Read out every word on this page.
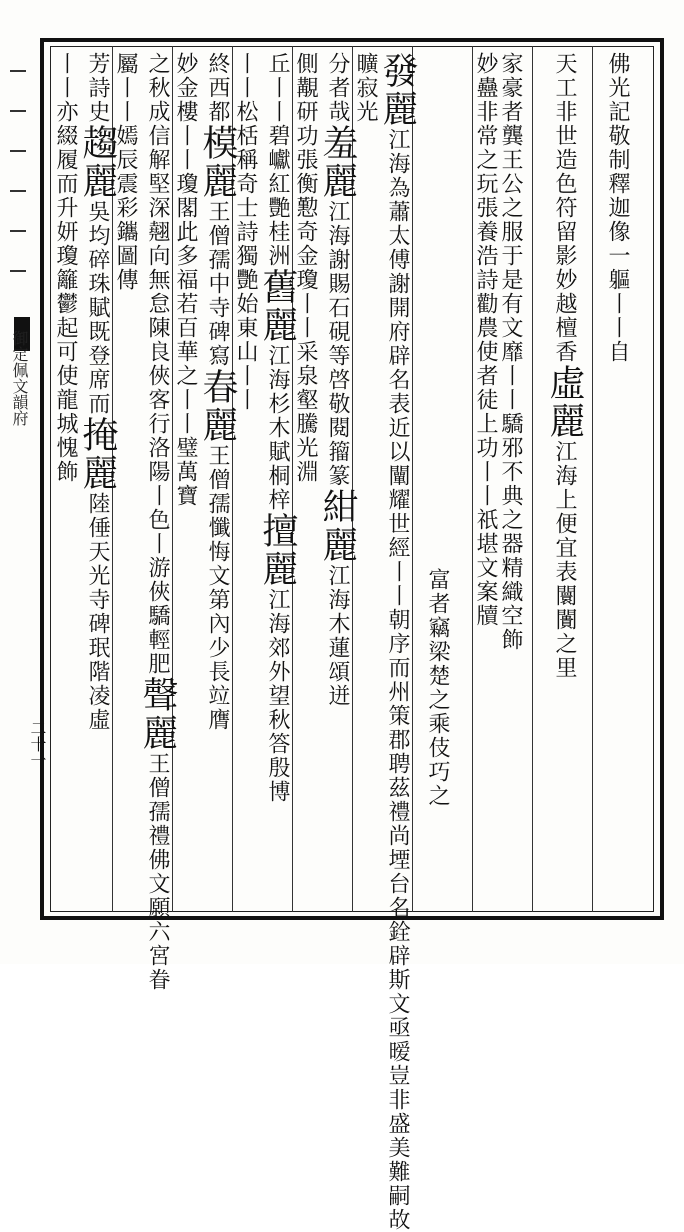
御定佩文韻府
二十一
佛光記敬制釋迦像一軀丨丨自
天工非世造色符留影妙越檀香虛麗江海上便宜表闤闠之里
家豪者龔王公之服于是有文靡丨丨驕邪不典之器精織空飾
妙蠱非常之玩張養浩詩勸農使者徒上功丨丨祇堪文案牘
富者竊梁楚之乘伎巧之
發麗江海為蕭太傅謝開府辟名表近以闡耀世經丨丨朝序而州策郡聘茲禮尚堙台名銓辟斯文亟暧豈非盛美難嗣故
曠寂光
分者哉羞麗江海謝賜石硯等啓敬閱籀篆紺麗江海木蓮頌迸
側覯研功張衡懃奇金瓊丨丨采泉壑騰光淵
丘丨丨碧巘紅艷桂洲舊麗江海杉木賦桐梓擅麗江海郊外望秋答殷博
丨丨松栝稱奇士詩獨艷始東山丨丨
終西都模麗王僧孺中寺碑寫春麗王僧孺懺悔文第內少長竝膺
妙金樓丨丨瓊閣此多福若百華之丨丨璧萬寶
之秋成信解堅深翹向無怠陳良俠客行洛陽丨色丨游俠驕輕肥聲麗王僧孺禮佛文願六宮眷
屬丨丨嫣辰震彩鑴圖傳
芳詩史趨麗吳均碎珠賦既登席而掩麗陸倕天光寺碑珉階凌虛
丨丨亦綴履而升妍瓊籬鬱起可使龍城愧飾
